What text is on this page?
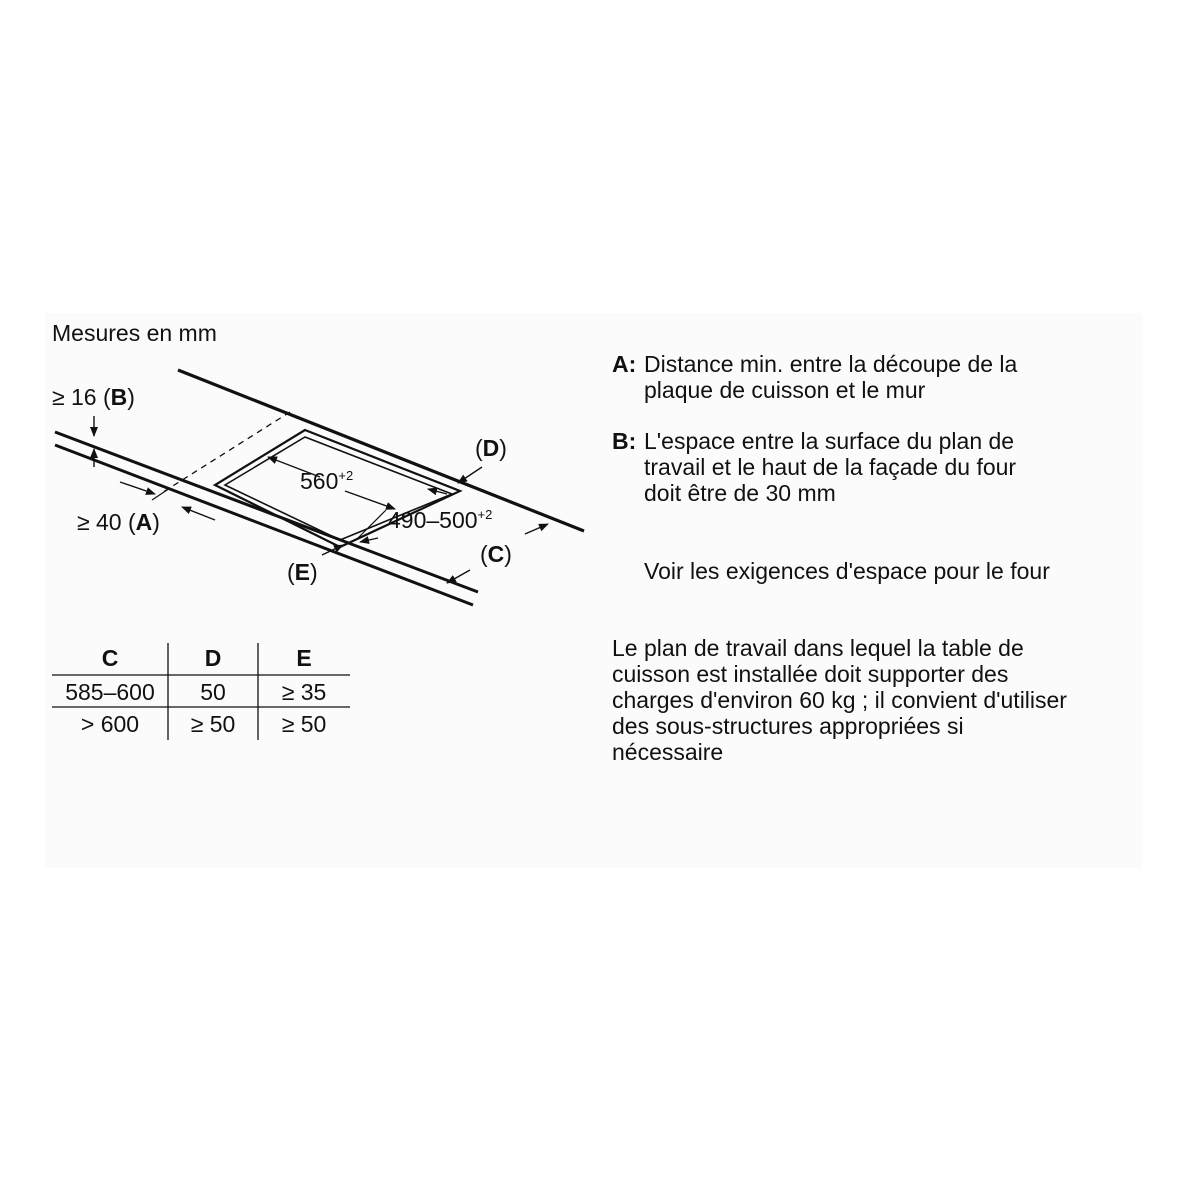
Mesures en mm
≥ 16 (B)
≥ 40 (A)
(D)
(C)
(E)
$560^{+2}$
$490-500^{+2}$
C	D	E
585–600	50	≥ 35
> 600	≥ 50	≥ 50
A: Distance min. entre la découpe de la
plaque de cuisson et le mur
B: L'espace entre la surface du plan de
travail et le haut de la façade du four
doit être de 30 mm
Voir les exigences d'espace pour le four
Le plan de travail dans lequel la table de
cuisson est installée doit supporter des
charges d'environ 60 kg ; il convient d'utiliser
des sous-structures appropriées si
nécessaire
